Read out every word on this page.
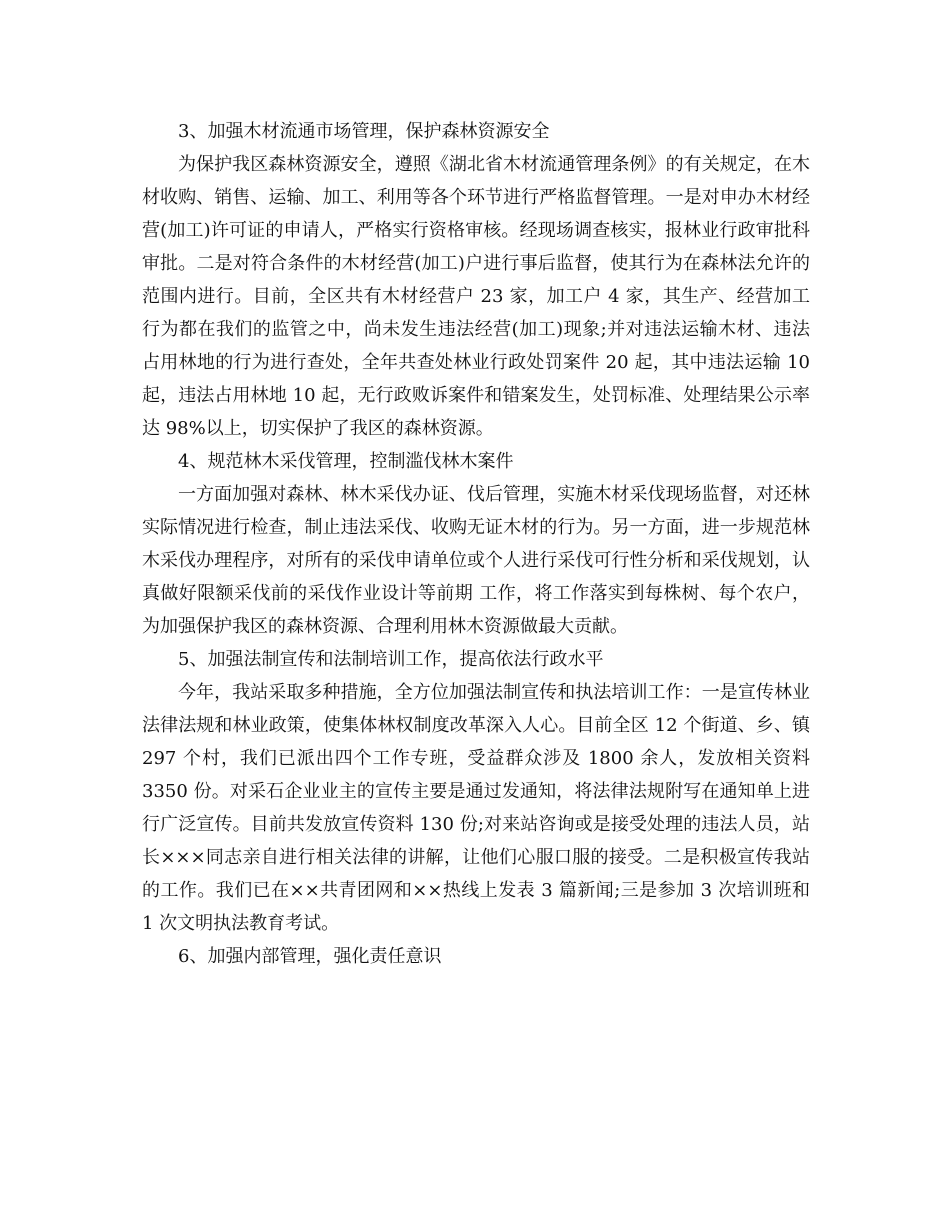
3、加强木材流通市场管理，保护森林资源安全

为保护我区森林资源安全，遵照《湖北省木材流通管理条例》的有关规定，在木材收购、销售、运输、加工、利用等各个环节进行严格监督管理。一是对申办木材经营(加工)许可证的申请人，严格实行资格审核。经现场调查核实，报林业行政审批科审批。二是对符合条件的木材经营(加工)户进行事后监督，使其行为在森林法允许的范围内进行。目前，全区共有木材经营户 23 家，加工户 4 家，其生产、经营加工行为都在我们的监管之中，尚未发生违法经营(加工)现象;并对违法运输木材、违法占用林地的行为进行查处，全年共查处林业行政处罚案件 20 起，其中违法运输 10 起，违法占用林地 10 起，无行政败诉案件和错案发生，处罚标准、处理结果公示率达 98%以上，切实保护了我区的森林资源。

4、规范林木采伐管理，控制滥伐林木案件

一方面加强对森林、林木采伐办证、伐后管理，实施木材采伐现场监督，对还林实际情况进行检查，制止违法采伐、收购无证木材的行为。另一方面，进一步规范林木采伐办理程序，对所有的采伐申请单位或个人进行采伐可行性分析和采伐规划，认真做好限额采伐前的采伐作业设计等前期 工作，将工作落实到每株树、每个农户，为加强保护我区的森林资源、合理利用林木资源做最大贡献。

5、加强法制宣传和法制培训工作，提高依法行政水平

今年，我站采取多种措施，全方位加强法制宣传和执法培训工作：一是宣传林业法律法规和林业政策，使集体林权制度改革深入人心。目前全区 12 个街道、乡、镇 297 个村，我们已派出四个工作专班，受益群众涉及 1800 余人，发放相关资料 3350 份。对采石企业业主的宣传主要是通过发通知，将法律法规附写在通知单上进行广泛宣传。目前共发放宣传资料 130 份;对来站咨询或是接受处理的违法人员，站长×××同志亲自进行相关法律的讲解，让他们心服口服的接受。二是积极宣传我站的工作。我们已在××共青团网和××热线上发表 3 篇新闻;三是参加 3 次培训班和 1 次文明执法教育考试。

6、加强内部管理，强化责任意识
